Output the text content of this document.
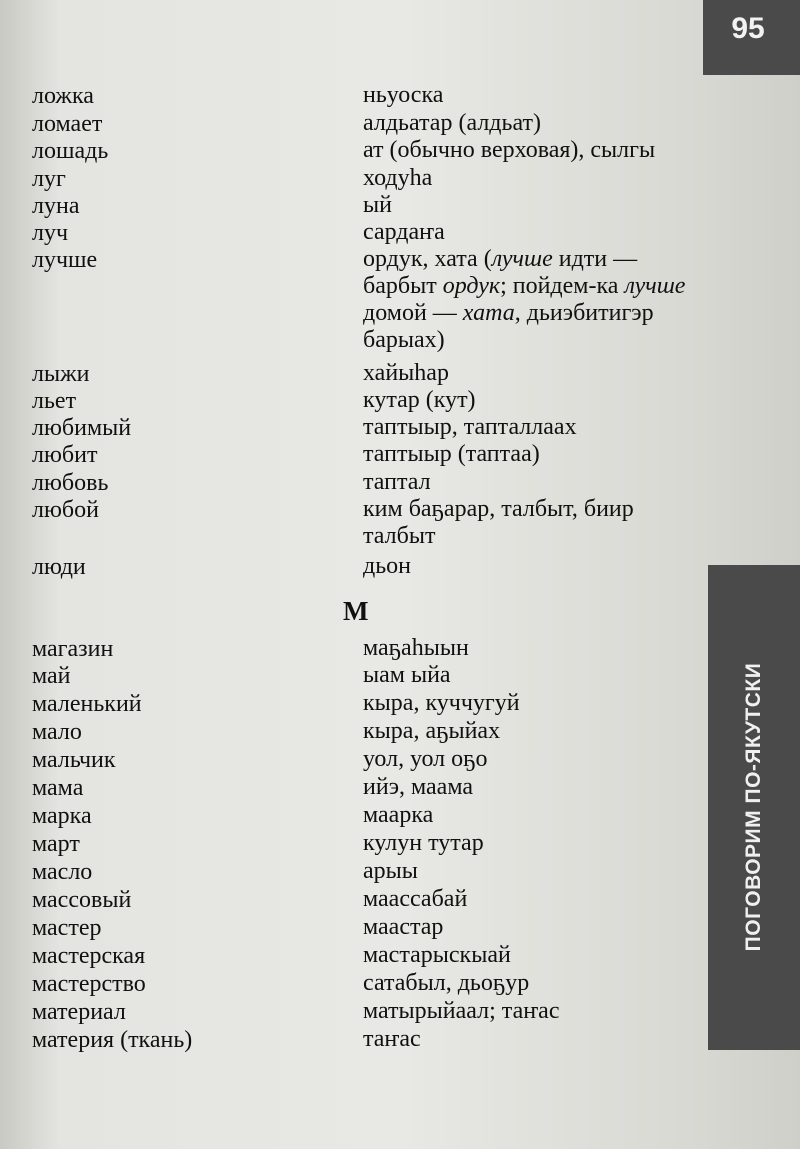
95
ПОГОВОРИМ ПО-ЯКУТСКИ
ложка	ньуоска
ломает	алдьатар (алдьат)
лошадь	ат (обычно верховая), сылгы
луг	ходуhа
луна	ый
луч	сардаҥа
лучше	ордук, хата (лучше идти — барбыт ордук; пойдем-ка лучше домой — хата, дьиэбитигэр барыах)
лыжи	хайыhар
льет	кутар (кут)
любимый	таптыыр, тапталлаах
любит	таптыыр (таптаа)
любовь	таптал
любой	ким баҕарар, талбыт, биир талбыт
люди	дьон
магазин	маҕаhыын
май	ыам ыйа
маленький	кыра, куччугуй
мало	кыра, аҕыйах
мальчик	уол, уол оҕо
мама	ийэ, маама
марка	маарка
март	кулун тутар
масло	арыы
массовый	маассабай
мастер	маастар
мастерская	мастарыскыай
мастерство	сатабыл, дьоҕур
материал	матырыйаал; таҥас
материя (ткань)	таҥас
М
